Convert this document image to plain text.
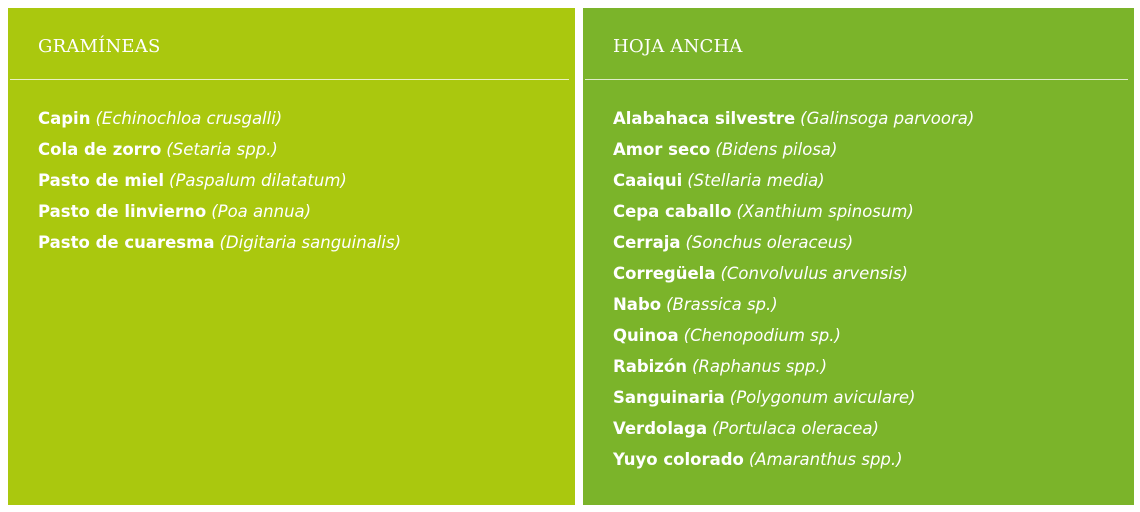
GRAMÍNEAS
Capin (Echinochloa crusgalli)
Cola de zorro (Setaria spp.)
Pasto de miel (Paspalum dilatatum)
Pasto de linvierno (Poa annua)
Pasto de cuaresma (Digitaria sanguinalis)
HOJA ANCHA
Alabahaca silvestre (Galinsoga parvoora)
Amor seco (Bidens pilosa)
Caaiqui (Stellaria media)
Cepa caballo (Xanthium spinosum)
Cerraja (Sonchus oleraceus)
Corregüela (Convolvulus arvensis)
Nabo (Brassica sp.)
Quinoa (Chenopodium sp.)
Rabizón (Raphanus spp.)
Sanguinaria (Polygonum aviculare)
Verdolaga (Portulaca oleracea)
Yuyo colorado (Amaranthus spp.)
